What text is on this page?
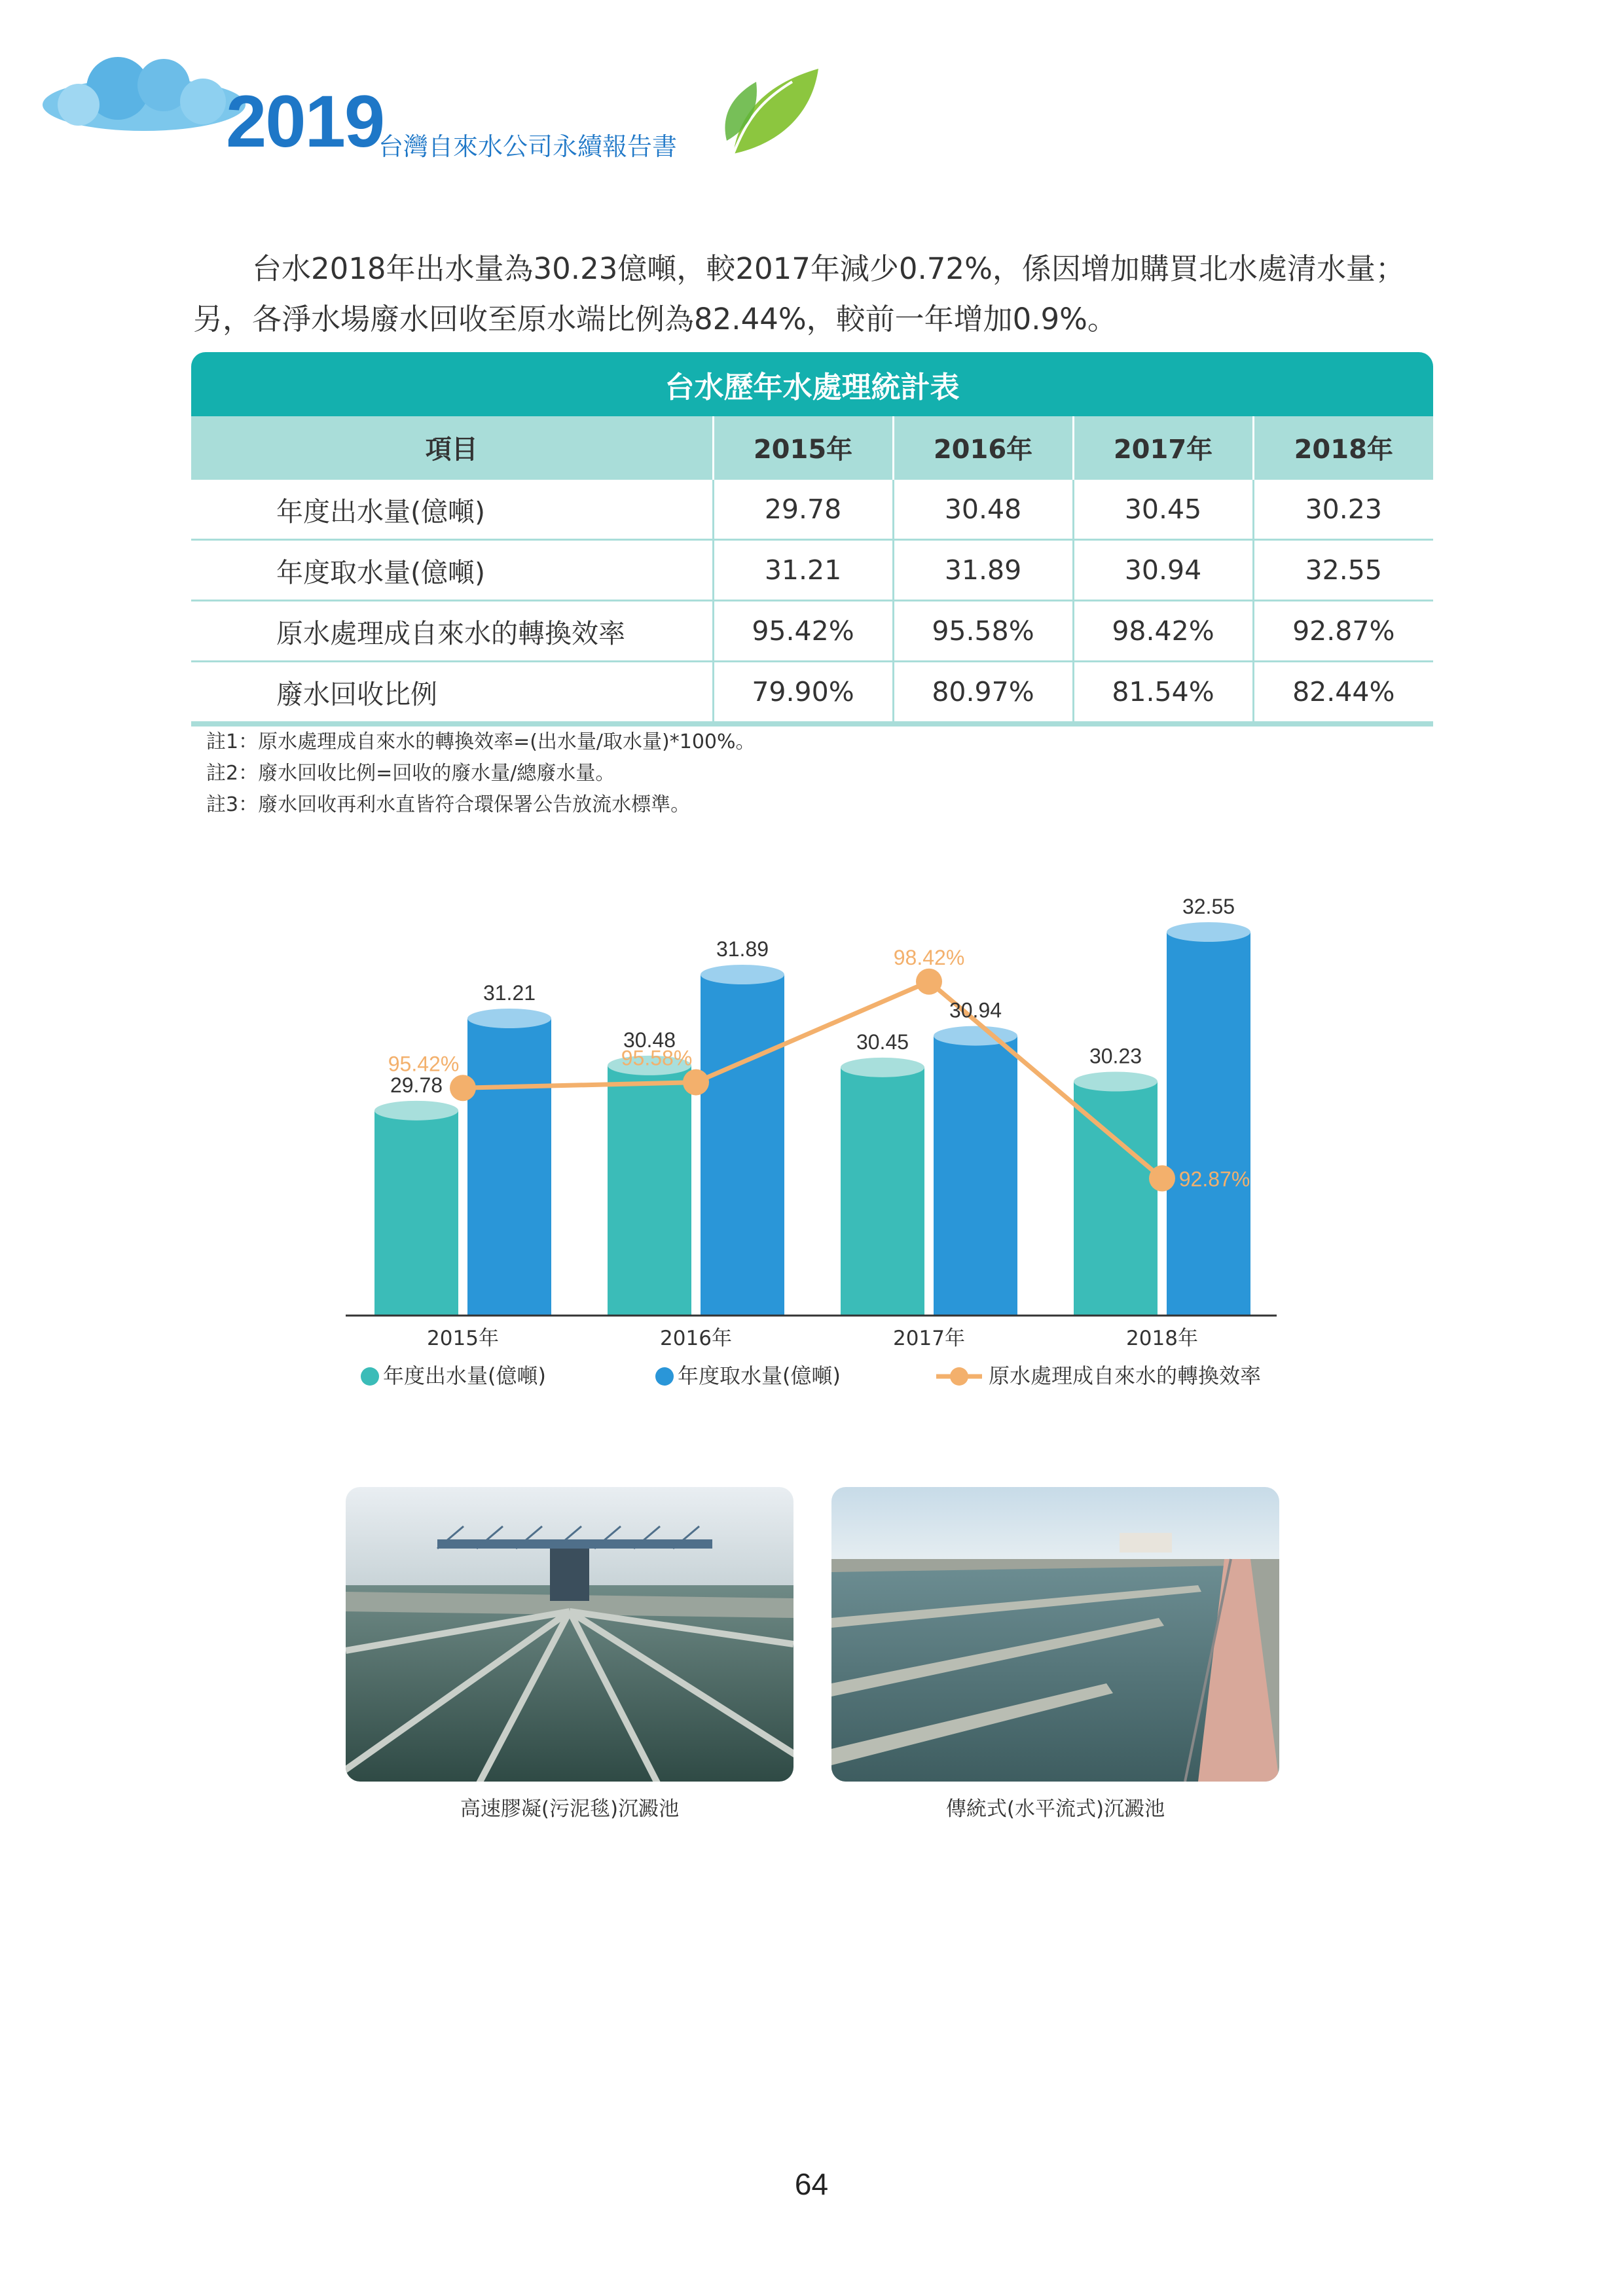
2019
台灣自來水公司永續報告書

台水2018年出水量為30.23億噸，較2017年減少0.72%，係因增加購買北水處清水量；

另，各淨水場廢水回收至原水端比例為82.44%，較前一年增加0.9%。

台水歷年水處理統計表
項目	2015年	2016年	2017年	2018年
年度出水量(億噸)	29.78	30.48	30.45	30.23
年度取水量(億噸)	31.21	31.89	30.94	32.55
原水處理成自來水的轉換效率	95.42%	95.58%	98.42%	92.87%
廢水回收比例	79.90%	80.97%	81.54%	82.44%
註1：原水處理成自來水的轉換效率=(出水量/取水量)*100%。
註2：廢水回收比例=回收的廢水量/總廢水量。
註3：廢水回收再利水直皆符合環保署公告放流水標準。
29.78
31.21
2015年
30.48
31.89
2016年
30.45
30.94
2017年
30.23
32.55
2018年
95.42%	95.58%
98.42%
92.87%
年度出水量(億噸)	年度取水量(億噸)	原水處理成自來水的轉換效率
高速膠凝(污泥毯)沉澱池	傳統式(水平流式)沉澱池
64
